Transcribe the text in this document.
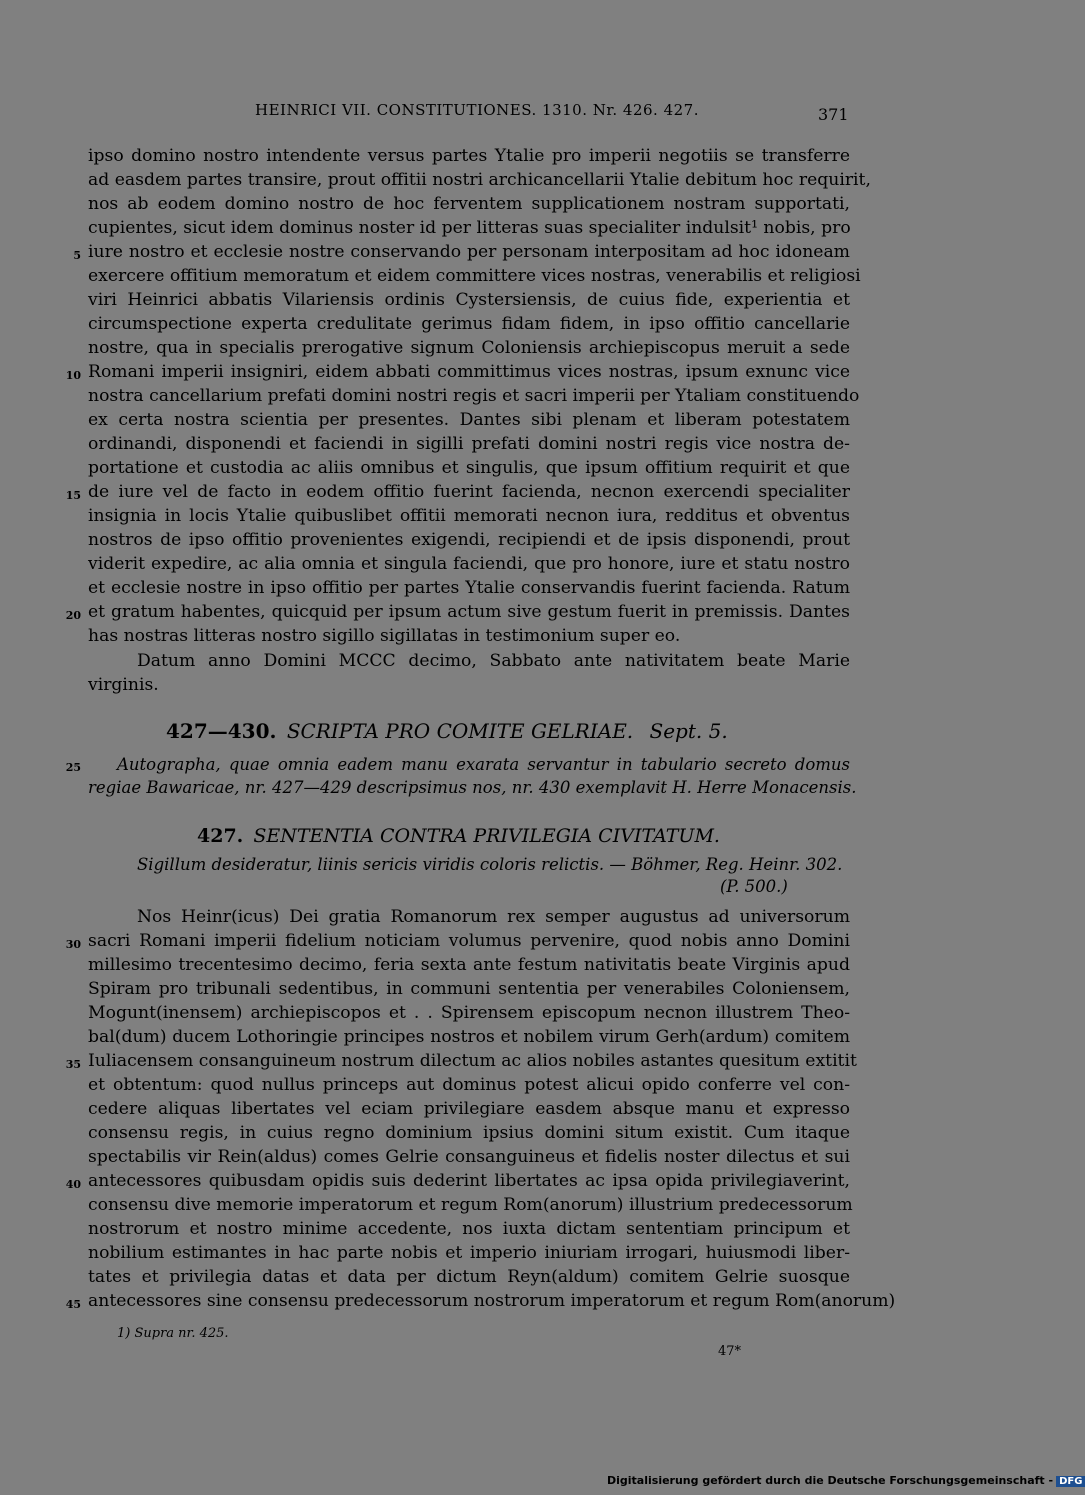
HEINRICI VII. CONSTITUTIONES. 1310. Nr. 426. 427.	371
ipso domino nostro intendente versus partes Ytalie pro imperii negotiis se transferre
ad easdem partes transire, prout offitii nostri archicancellarii Ytalie debitum hoc requirit,
nos ab eodem domino nostro de hoc ferventem supplicationem nostram supportati,
cupientes, sicut idem dominus noster id per litteras suas specialiter indulsit¹ nobis, pro
iure nostro et ecclesie nostre conservando per personam interpositam ad hoc idoneam
exercere offitium memoratum et eidem committere vices nostras, venerabilis et religiosi
viri Heinrici abbatis Vilariensis ordinis Cystersiensis, de cuius fide, experientia et
circumspectione experta credulitate gerimus fidam fidem, in ipso offitio cancellarie
nostre, qua in specialis prerogative signum Coloniensis archiepiscopus meruit a sede
Romani imperii insigniri, eidem abbati committimus vices nostras, ipsum exnunc vice
nostra cancellarium prefati domini nostri regis et sacri imperii per Ytaliam constituendo
ex certa nostra scientia per presentes. Dantes sibi plenam et liberam potestatem
ordinandi, disponendi et faciendi in sigilli prefati domini nostri regis vice nostra de-
portatione et custodia ac aliis omnibus et singulis, que ipsum offitium requirit et que
de iure vel de facto in eodem offitio fuerint facienda, necnon exercendi specialiter
insignia in locis Ytalie quibuslibet offitii memorati necnon iura, redditus et obventus
nostros de ipso offitio provenientes exigendi, recipiendi et de ipsis disponendi, prout
viderit expedire, ac alia omnia et singula faciendi, que pro honore, iure et statu nostro
et ecclesie nostre in ipso offitio per partes Ytalie conservandis fuerint facienda. Ratum
et gratum habentes, quicquid per ipsum actum sive gestum fuerit in premissis. Dantes
has nostras litteras nostro sigillo sigillatas in testimonium super eo.
Datum anno Domini MCCC decimo, Sabbato ante nativitatem beate Marie
virginis.
427—430. SCRIPTA PRO COMITE GELRIAE. Sept. 5.
Autographa, quae omnia eadem manu exarata servantur in tabulario secreto domus
regiae Bawaricae, nr. 427—429 descripsimus nos, nr. 430 exemplavit H. Herre Monacensis.
427. SENTENTIA CONTRA PRIVILEGIA CIVITATUM.
Sigillum desideratur, liinis sericis viridis coloris relictis. — Böhmer, Reg. Heinr. 302.
(P. 500.)
Nos Heinr(icus) Dei gratia Romanorum rex semper augustus ad universorum
sacri Romani imperii fidelium noticiam volumus pervenire, quod nobis anno Domini
millesimo trecentesimo decimo, feria sexta ante festum nativitatis beate Virginis apud
Spiram pro tribunali sedentibus, in communi sententia per venerabiles Coloniensem,
Mogunt(inensem) archiepiscopos et . . Spirensem episcopum necnon illustrem Theo-
bal(dum) ducem Lothoringie principes nostros et nobilem virum Gerh(ardum) comitem
Iuliacensem consanguineum nostrum dilectum ac alios nobiles astantes quesitum extitit
et obtentum: quod nullus princeps aut dominus potest alicui opido conferre vel con-
cedere aliquas libertates vel eciam privilegiare easdem absque manu et expresso
consensu regis, in cuius regno dominium ipsius domini situm existit. Cum itaque
spectabilis vir Rein(aldus) comes Gelrie consanguineus et fidelis noster dilectus et sui
antecessores quibusdam opidis suis dederint libertates ac ipsa opida privilegiaverint,
consensu dive memorie imperatorum et regum Rom(anorum) illustrium predecessorum
nostrorum et nostro minime accedente, nos iuxta dictam sententiam principum et
nobilium estimantes in hac parte nobis et imperio iniuriam irrogari, huiusmodi liber-
tates et privilegia datas et data per dictum Reyn(aldum) comitem Gelrie suosque
antecessores sine consensu predecessorum nostrorum imperatorum et regum Rom(anorum)
5
10
15
20
25
30
35
40
45
1) Supra nr. 425.
47*
Digitalisierung gefördert durch die Deutsche Forschungsgemeinschaft - DFG
